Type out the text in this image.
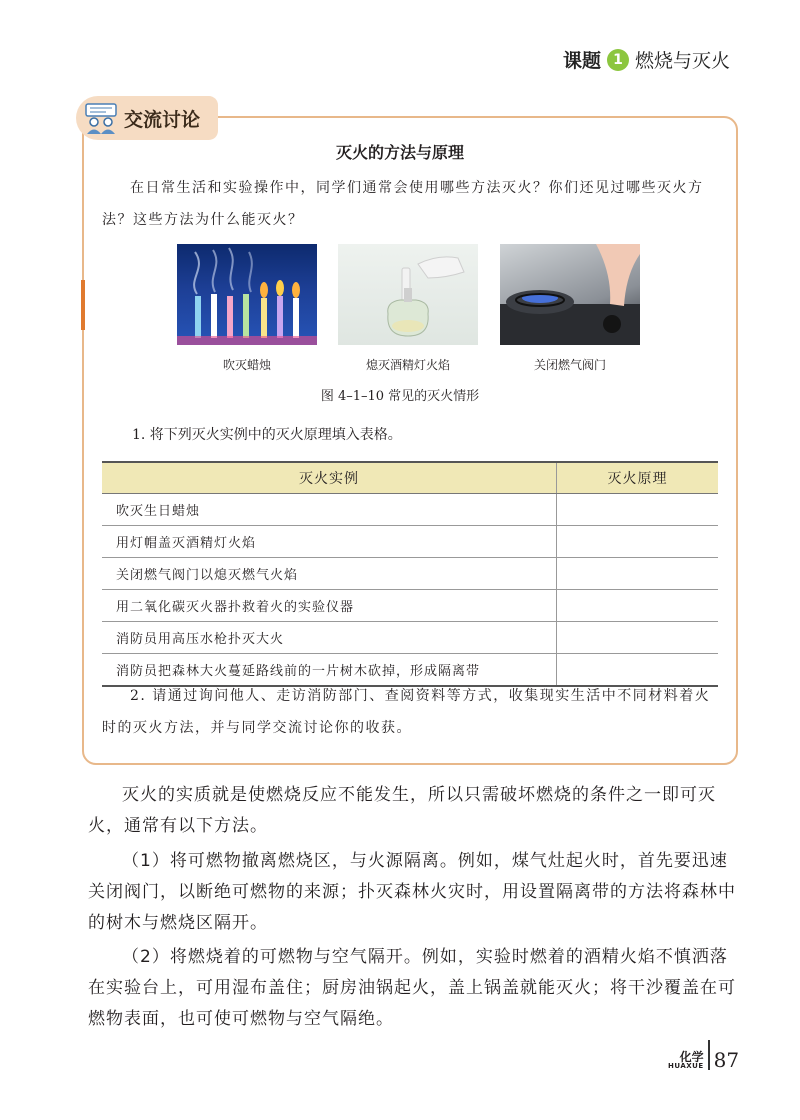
课题 1 燃烧与灭火
交流讨论
灭火的方法与原理
在日常生活和实验操作中，同学们通常会使用哪些方法灭火？你们还见过哪些灭火方法？这些方法为什么能灭火？
吹灭蜡烛	熄灭酒精灯火焰	关闭燃气阀门
图 4–1–10 常见的灭火情形
1. 将下列灭火实例中的灭火原理填入表格。
灭火实例	灭火原理
吹灭生日蜡烛	
用灯帽盖灭酒精灯火焰	
关闭燃气阀门以熄灭燃气火焰	
用二氧化碳灭火器扑救着火的实验仪器	
消防员用高压水枪扑灭大火	
消防员把森林大火蔓延路线前的一片树木砍掉，形成隔离带	
2. 请通过询问他人、走访消防部门、查阅资料等方式，收集现实生活中不同材料着火时的灭火方法，并与同学交流讨论你的收获。
灭火的实质就是使燃烧反应不能发生，所以只需破坏燃烧的条件之一即可灭火，通常有以下方法。
（1）将可燃物撤离燃烧区，与火源隔离。例如，煤气灶起火时，首先要迅速关闭阀门，以断绝可燃物的来源；扑灭森林火灾时，用设置隔离带的方法将森林中的树木与燃烧区隔开。
（2）将燃烧着的可燃物与空气隔开。例如，实验时燃着的酒精火焰不慎洒落在实验台上，可用湿布盖住；厨房油锅起火，盖上锅盖就能灭火；将干沙覆盖在可燃物表面，也可使可燃物与空气隔绝。
化学
HUAXUE 87
